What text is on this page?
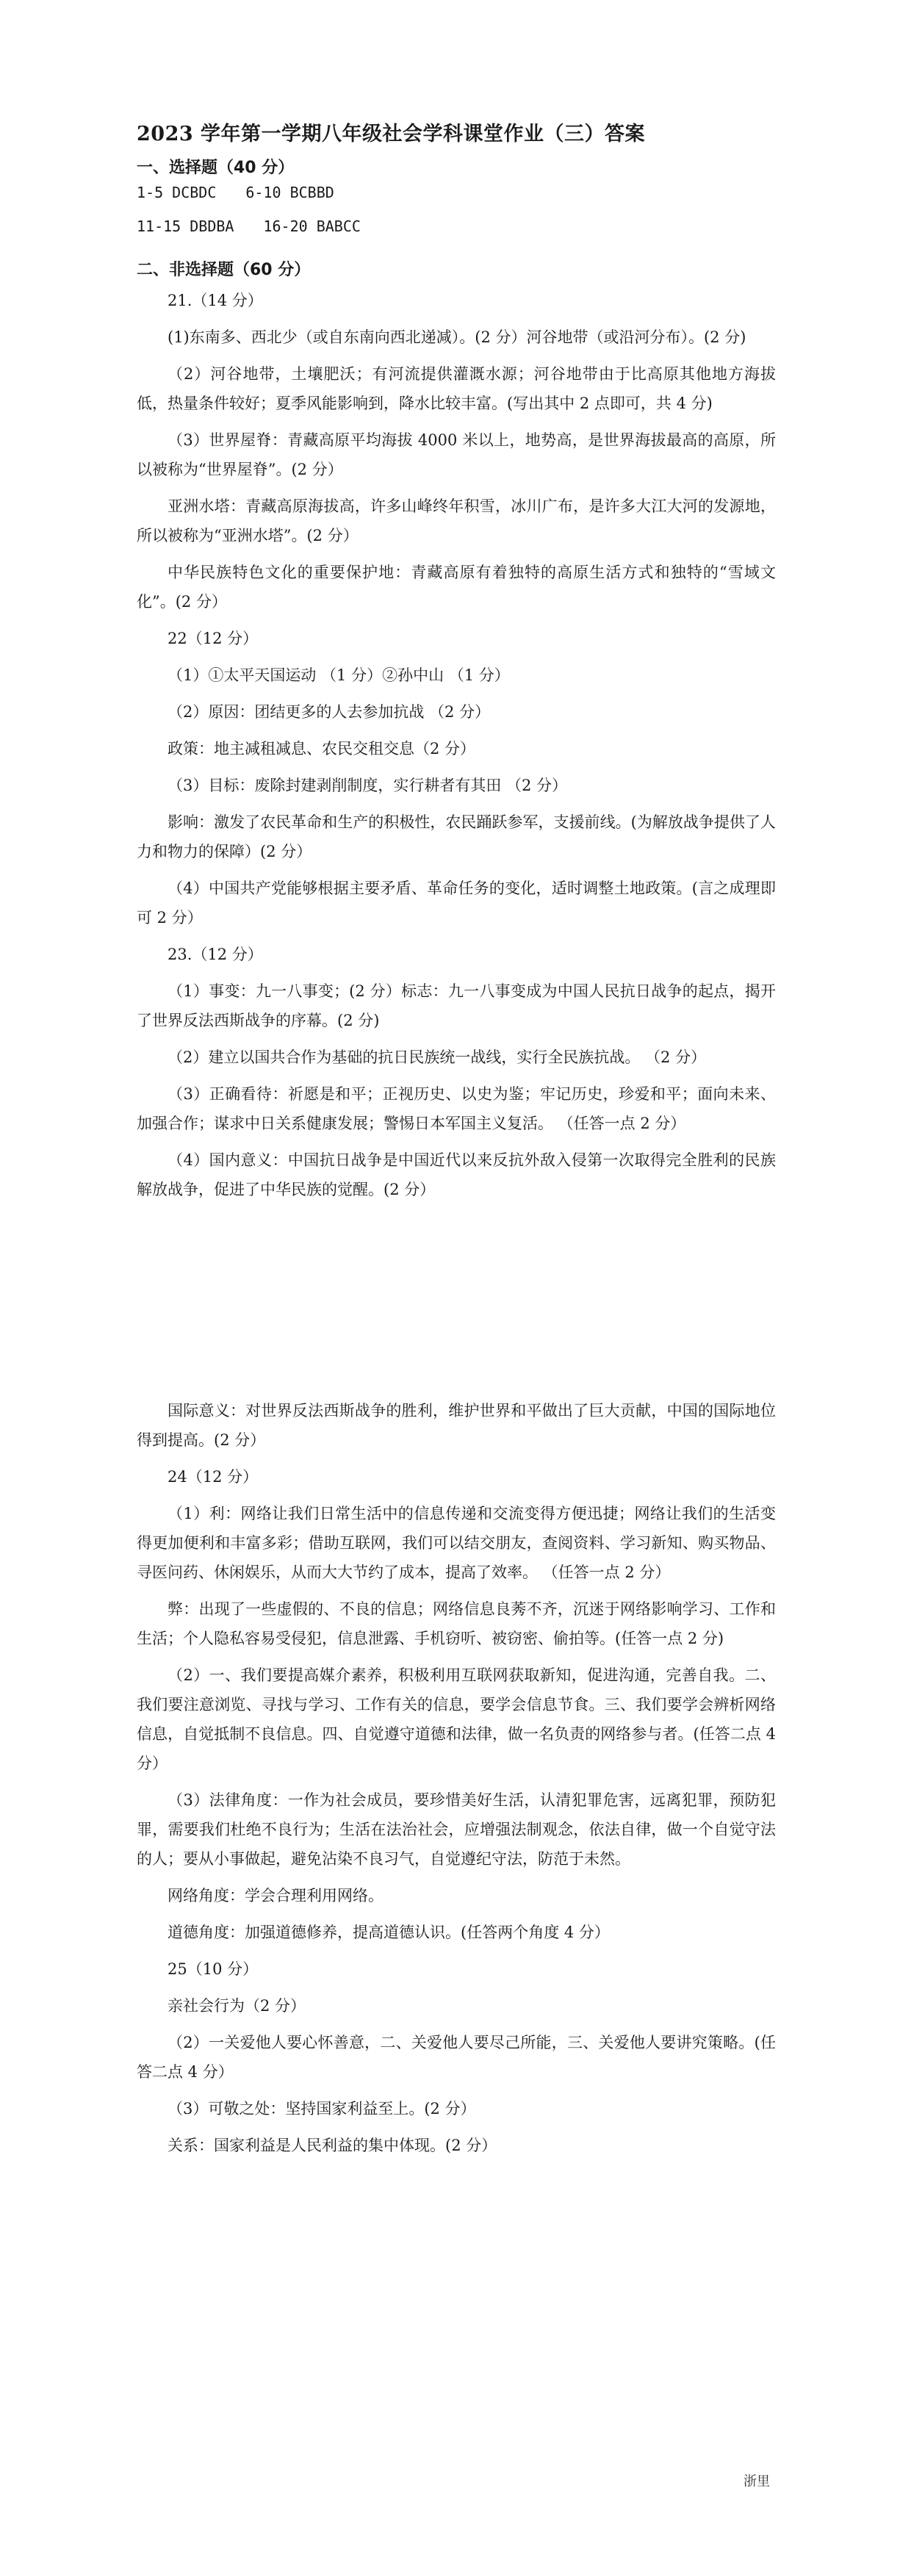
2023 学年第一学期八年级社会学科课堂作业（三）答案
一、选择题（40 分）
1-5 DCBDC 6-10 BCBBD
11-15 DBDBA 16-20 BABCC
二、非选择题（60 分）

21.（14 分）

(1)东南多、西北少（或自东南向西北递减）。(2 分）河谷地带（或沿河分布）。(2 分)

（2）河谷地带，土壤肥沃；有河流提供灌溉水源；河谷地带由于比高原其他地方海拔低，热量条件较好；夏季风能影响到，降水比较丰富。(写出其中 2 点即可，共 4 分)

（3）世界屋脊：青藏高原平均海拔 4000 米以上，地势高，是世界海拔最高的高原，所以被称为“世界屋脊”。(2 分）

亚洲水塔：青藏高原海拔高，许多山峰终年积雪，冰川广布，是许多大江大河的发源地，所以被称为“亚洲水塔”。(2 分）

中华民族特色文化的重要保护地：青藏高原有着独特的高原生活方式和独特的“雪域文化”。(2 分）

22（12 分）

（1）①太平天国运动 （1 分）②孙中山 （1 分）

（2）原因：团结更多的人去参加抗战 （2 分）

政策：地主减租减息、农民交租交息（2 分）

（3）目标：废除封建剥削制度，实行耕者有其田 （2 分）

影响：激发了农民革命和生产的积极性，农民踊跃参军，支援前线。(为解放战争提供了人力和物力的保障）(2 分）

（4）中国共产党能够根据主要矛盾、革命任务的变化，适时调整土地政策。(言之成理即可 2 分）

23.（12 分）

（1）事变：九一八事变；(2 分）标志：九一八事变成为中国人民抗日战争的起点，揭开了世界反法西斯战争的序幕。(2 分)

（2）建立以国共合作为基础的抗日民族统一战线，实行全民族抗战。 （2 分）

（3）正确看待：祈愿是和平；正视历史、以史为鉴；牢记历史，珍爱和平；面向未来、加强合作；谋求中日关系健康发展；警惕日本军国主义复活。 （任答一点 2 分）

（4）国内意义：中国抗日战争是中国近代以来反抗外敌入侵第一次取得完全胜利的民族解放战争，促进了中华民族的觉醒。(2 分）

国际意义：对世界反法西斯战争的胜利，维护世界和平做出了巨大贡献，中国的国际地位得到提高。(2 分）

24（12 分）

（1）利：网络让我们日常生活中的信息传递和交流变得方便迅捷；网络让我们的生活变得更加便利和丰富多彩；借助互联网，我们可以结交朋友，查阅资料、学习新知、购买物品、寻医问药、休闲娱乐，从而大大节约了成本，提高了效率。 （任答一点 2 分）

弊：出现了一些虚假的、不良的信息；网络信息良莠不齐，沉迷于网络影响学习、工作和生活；个人隐私容易受侵犯，信息泄露、手机窃听、被窃密、偷拍等。(任答一点 2 分)

（2）一、我们要提高媒介素养，积极利用互联网获取新知，促进沟通，完善自我。二、我们要注意浏览、寻找与学习、工作有关的信息，要学会信息节食。三、我们要学会辨析网络信息，自觉抵制不良信息。四、自觉遵守道德和法律，做一名负责的网络参与者。(任答二点 4 分）

（3）法律角度：一作为社会成员，要珍惜美好生活，认清犯罪危害，远离犯罪，预防犯罪，需要我们杜绝不良行为；生活在法治社会，应增强法制观念，依法自律，做一个自觉守法的人；要从小事做起，避免沾染不良习气，自觉遵纪守法，防范于未然。

网络角度：学会合理利用网络。

道德角度：加强道德修养，提高道德认识。(任答两个角度 4 分）

25（10 分）

亲社会行为（2 分）

（2）一关爱他人要心怀善意，二、关爱他人要尽己所能，三、关爱他人要讲究策略。(任答二点 4 分）

（3）可敬之处：坚持国家利益至上。(2 分）

关系：国家利益是人民利益的集中体现。(2 分）

浙里
